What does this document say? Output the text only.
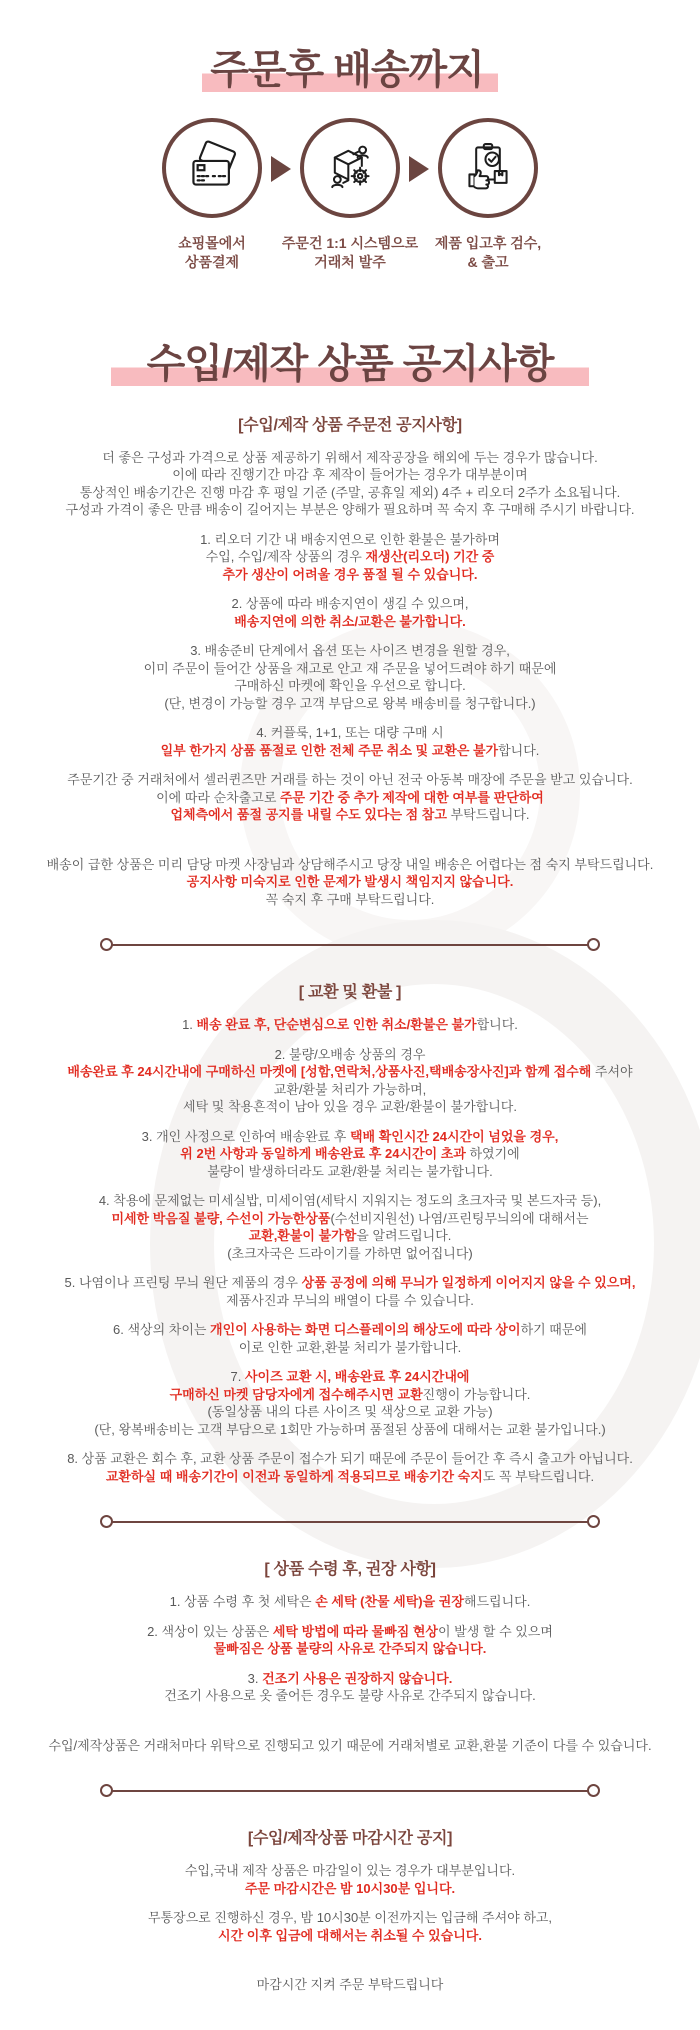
주문후 배송까지
쇼핑몰에서
상품결제
주문건 1:1 시스템으로
거래처 발주
제품 입고후 검수,
& 출고
수입/제작 상품 공지사항
[수입/제작 상품 주문전 공지사항]

더 좋은 구성과 가격으로 상품 제공하기 위해서 제작공장을 해외에 두는 경우가 많습니다.
이에 따라 진행기간 마감 후 제작이 들어가는 경우가 대부분이며
통상적인 배송기간은 진행 마감 후 평일 기준 (주말, 공휴일 제외) 4주 + 리오더 2주가 소요됩니다.
구성과 가격이 좋은 만큼 배송이 길어지는 부분은 양해가 필요하며 꼭 숙지 후 구매해 주시기 바랍니다.

1. 리오더 기간 내 배송지연으로 인한 환불은 불가하며
수입, 수입/제작 상품의 경우 재생산(리오더) 기간 중
추가 생산이 어려울 경우 품절 될 수 있습니다.

2. 상품에 따라 배송지연이 생길 수 있으며,
배송지연에 의한 취소/교환은 불가합니다.

3. 배송준비 단계에서 옵션 또는 사이즈 변경을 원할 경우,
이미 주문이 들어간 상품을 재고로 안고 재 주문을 넣어드려야 하기 때문에
구매하신 마켓에 확인을 우선으로 합니다.
(단, 변경이 가능할 경우 고객 부담으로 왕복 배송비를 청구합니다.)

4. 커플룩, 1+1, 또는 대량 구매 시
일부 한가지 상품 품절로 인한 전체 주문 취소 및 교환은 불가합니다.

주문기간 중 거래처에서 셀러퀸즈만 거래를 하는 것이 아닌 전국 아동복 매장에 주문을 받고 있습니다.
이에 따라 순차출고로 주문 기간 중 추가 제작에 대한 여부를 판단하여
업체측에서 품절 공지를 내릴 수도 있다는 점 참고 부탁드립니다.

배송이 급한 상품은 미리 담당 마켓 사장님과 상담해주시고 당장 내일 배송은 어렵다는 점 숙지 부탁드립니다.
공지사항 미숙지로 인한 문제가 발생시 책임지지 않습니다.
꼭 숙지 후 구매 부탁드립니다.

[ 교환 및 환불 ]

1. 배송 완료 후, 단순변심으로 인한 취소/환불은 불가합니다.

2. 불량/오배송 상품의 경우
배송완료 후 24시간내에 구매하신 마켓에 [성함,연락처,상품사진,택배송장사진]과 함께 접수해 주셔야
교환/환불 처리가 가능하며,
세탁 및 착용흔적이 남아 있을 경우 교환/환불이 불가합니다.

3. 개인 사정으로 인하여 배송완료 후 택배 확인시간 24시간이 넘었을 경우,
위 2번 사항과 동일하게 배송완료 후 24시간이 초과 하였기에
불량이 발생하더라도 교환/환불 처리는 불가합니다.

4. 착용에 문제없는 미세실밥, 미세이염(세탁시 지워지는 정도의 초크자국 및 본드자국 등),
미세한 박음질 불량, 수선이 가능한상품(수선비지원선) 나염/프린팅무늬의에 대해서는
교환,환불이 불가함을 알려드립니다.
(초크자국은 드라이기를 가하면 없어집니다)

5. 나염이나 프린팅 무늬 원단 제품의 경우 상품 공정에 의해 무늬가 일정하게 이어지지 않을 수 있으며,
제품사진과 무늬의 배열이 다를 수 있습니다.

6. 색상의 차이는 개인이 사용하는 화면 디스플레이의 해상도에 따라 상이하기 때문에
이로 인한 교환,환불 처리가 불가합니다.

7. 사이즈 교환 시, 배송완료 후 24시간내에
구매하신 마켓 담당자에게 접수해주시면 교환진행이 가능합니다.
(동일상품 내의 다른 사이즈 및 색상으로 교환 가능)
(단, 왕복배송비는 고객 부담으로 1회만 가능하며 품절된 상품에 대해서는 교환 불가입니다.)

8. 상품 교환은 회수 후, 교환 상품 주문이 접수가 되기 때문에 주문이 들어간 후 즉시 출고가 아닙니다.
교환하실 때 배송기간이 이전과 동일하게 적용되므로 배송기간 숙지도 꼭 부탁드립니다.

[ 상품 수령 후, 권장 사항]

1. 상품 수령 후 첫 세탁은 손 세탁 (찬물 세탁)을 권장해드립니다.

2. 색상이 있는 상품은 세탁 방법에 따라 물빠짐 현상이 발생 할 수 있으며
물빠짐은 상품 불량의 사유로 간주되지 않습니다.

3. 건조기 사용은 권장하지 않습니다.
건조기 사용으로 옷 줄어든 경우도 불량 사유로 간주되지 않습니다.

수입/제작상품은 거래처마다 위탁으로 진행되고 있기 때문에 거래처별로 교환,환불 기준이 다를 수 있습니다.

[수입/제작상품 마감시간 공지]

수입,국내 제작 상품은 마감일이 있는 경우가 대부분입니다.
주문 마감시간은 밤 10시30분 입니다.

무통장으로 진행하신 경우, 밤 10시30분 이전까지는 입금해 주셔야 하고,
시간 이후 입금에 대해서는 취소될 수 있습니다.

마감시간 지켜 주문 부탁드립니다
